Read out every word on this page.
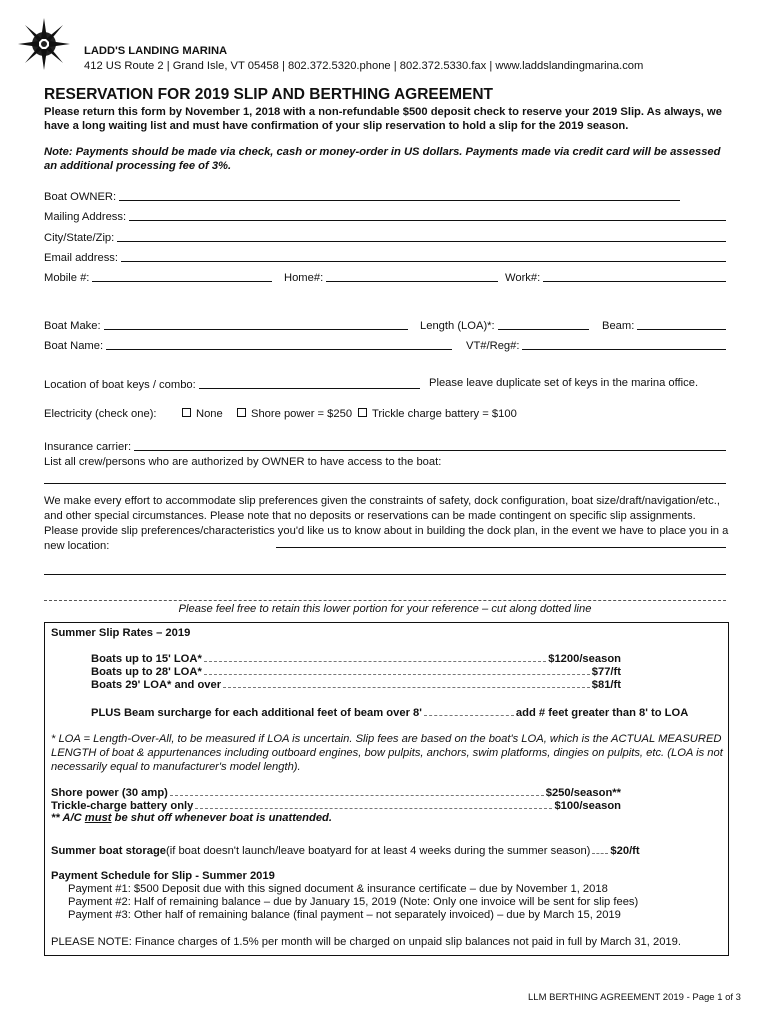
LADD'S LANDING MARINA
412 US Route 2 | Grand Isle, VT 05458 | 802.372.5320.phone | 802.372.5330.fax | www.laddslandingmarina.com
RESERVATION FOR 2019 SLIP AND BERTHING AGREEMENT
Please return this form by November 1, 2018 with a non-refundable $500 deposit check to reserve your 2019 Slip. As always, we have a long waiting list and must have confirmation of your slip reservation to hold a slip for the 2019 season.
Note: Payments should be made via check, cash or money-order in US dollars. Payments made via credit card will be assessed an additional processing fee of 3%.
Boat OWNER:
Mailing Address:
City/State/Zip:
Email address:
Mobile #:	Home#:	Work#:
Boat Make:	Length (LOA)*:	Beam:
Boat Name:	VT#/Reg#:
Location of boat keys / combo:	Please leave duplicate set of keys in the marina office.
Electricity (check one):	None	Shore power = $250	Trickle charge battery = $100
Insurance carrier:
List all crew/persons who are authorized by OWNER to have access to the boat:
We make every effort to accommodate slip preferences given the constraints of safety, dock configuration, boat size/draft/navigation/etc., and other special circumstances. Please note that no deposits or reservations can be made contingent on specific slip assignments. Please provide slip preferences/characteristics you'd like us to know about in building the dock plan, in the event we have to place you in a new location:
Please feel free to retain this lower portion for your reference – cut along dotted line
Summer Slip Rates – 2019
Boats up to 15' LOA*	$1200/season
Boats up to 28' LOA*	$77/ft
Boats 29' LOA* and over	$81/ft
PLUS Beam surcharge for each additional feet of beam over 8'	add # feet greater than 8' to LOA
* LOA = Length-Over-All, to be measured if LOA is uncertain. Slip fees are based on the boat's LOA, which is the ACTUAL MEASURED LENGTH of boat & appurtenances including outboard engines, bow pulpits, anchors, swim platforms, dingies on pulpits, etc. (LOA is not necessarily equal to manufacturer's model length).
Shore power (30 amp)	$250/season**
Trickle-charge battery only	$100/season
** A/C must be shut off whenever boat is unattended.
Summer boat storage (if boat doesn't launch/leave boatyard for at least 4 weeks during the summer season) $20/ft
Payment Schedule for Slip - Summer 2019
Payment #1: $500 Deposit due with this signed document & insurance certificate – due by November 1, 2018
Payment #2: Half of remaining balance – due by January 15, 2019 (Note: Only one invoice will be sent for slip fees)
Payment #3: Other half of remaining balance (final payment – not separately invoiced) – due by March 15, 2019
PLEASE NOTE: Finance charges of 1.5% per month will be charged on unpaid slip balances not paid in full by March 31, 2019.
LLM BERTHING AGREEMENT 2019 - Page 1 of 3
